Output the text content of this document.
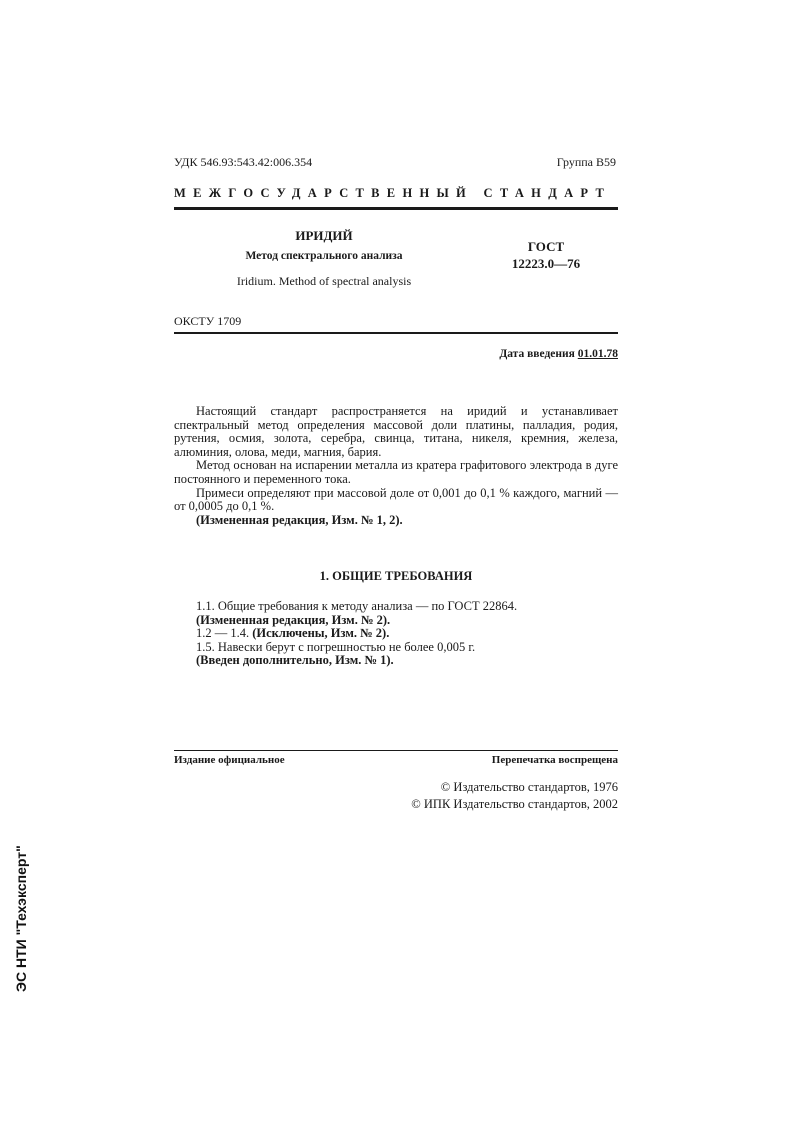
УДК 546.93:543.42:006.354	Группа В59
МЕЖГОСУДАРСТВЕННЫЙ СТАНДАРТ
ИРИДИЙ
Метод спектрального анализа
Iridium. Method of spectral analysis
ГОСТ
12223.0—76
ОКСТУ 1709
Дата введения 01.01.78

Настоящий стандарт распространяется на иридий и устанавливает спектральный метод определения массовой доли платины, палладия, родия, рутения, осмия, золота, серебра, свинца, титана, никеля, кремния, железа, алюминия, олова, меди, магния, бария.

Метод основан на испарении металла из кратера графитового электрода в дуге постоянного и переменного тока.

Примеси определяют при массовой доле от 0,001 до 0,1 % каждого, магний — от 0,0005 до 0,1 %.

(Измененная редакция, Изм. № 1, 2).

1. ОБЩИЕ ТРЕБОВАНИЯ

1.1. Общие требования к методу анализа — по ГОСТ 22864.

(Измененная редакция, Изм. № 2).

1.2 — 1.4. (Исключены, Изм. № 2).

1.5. Навески берут с погрешностью не более 0,005 г.

(Введен дополнительно, Изм. № 1).

Издание официальное	Перепечатка воспрещена
© Издательство стандартов, 1976
© ИПК Издательство стандартов, 2002
ЭС НТИ "Техэксперт"
